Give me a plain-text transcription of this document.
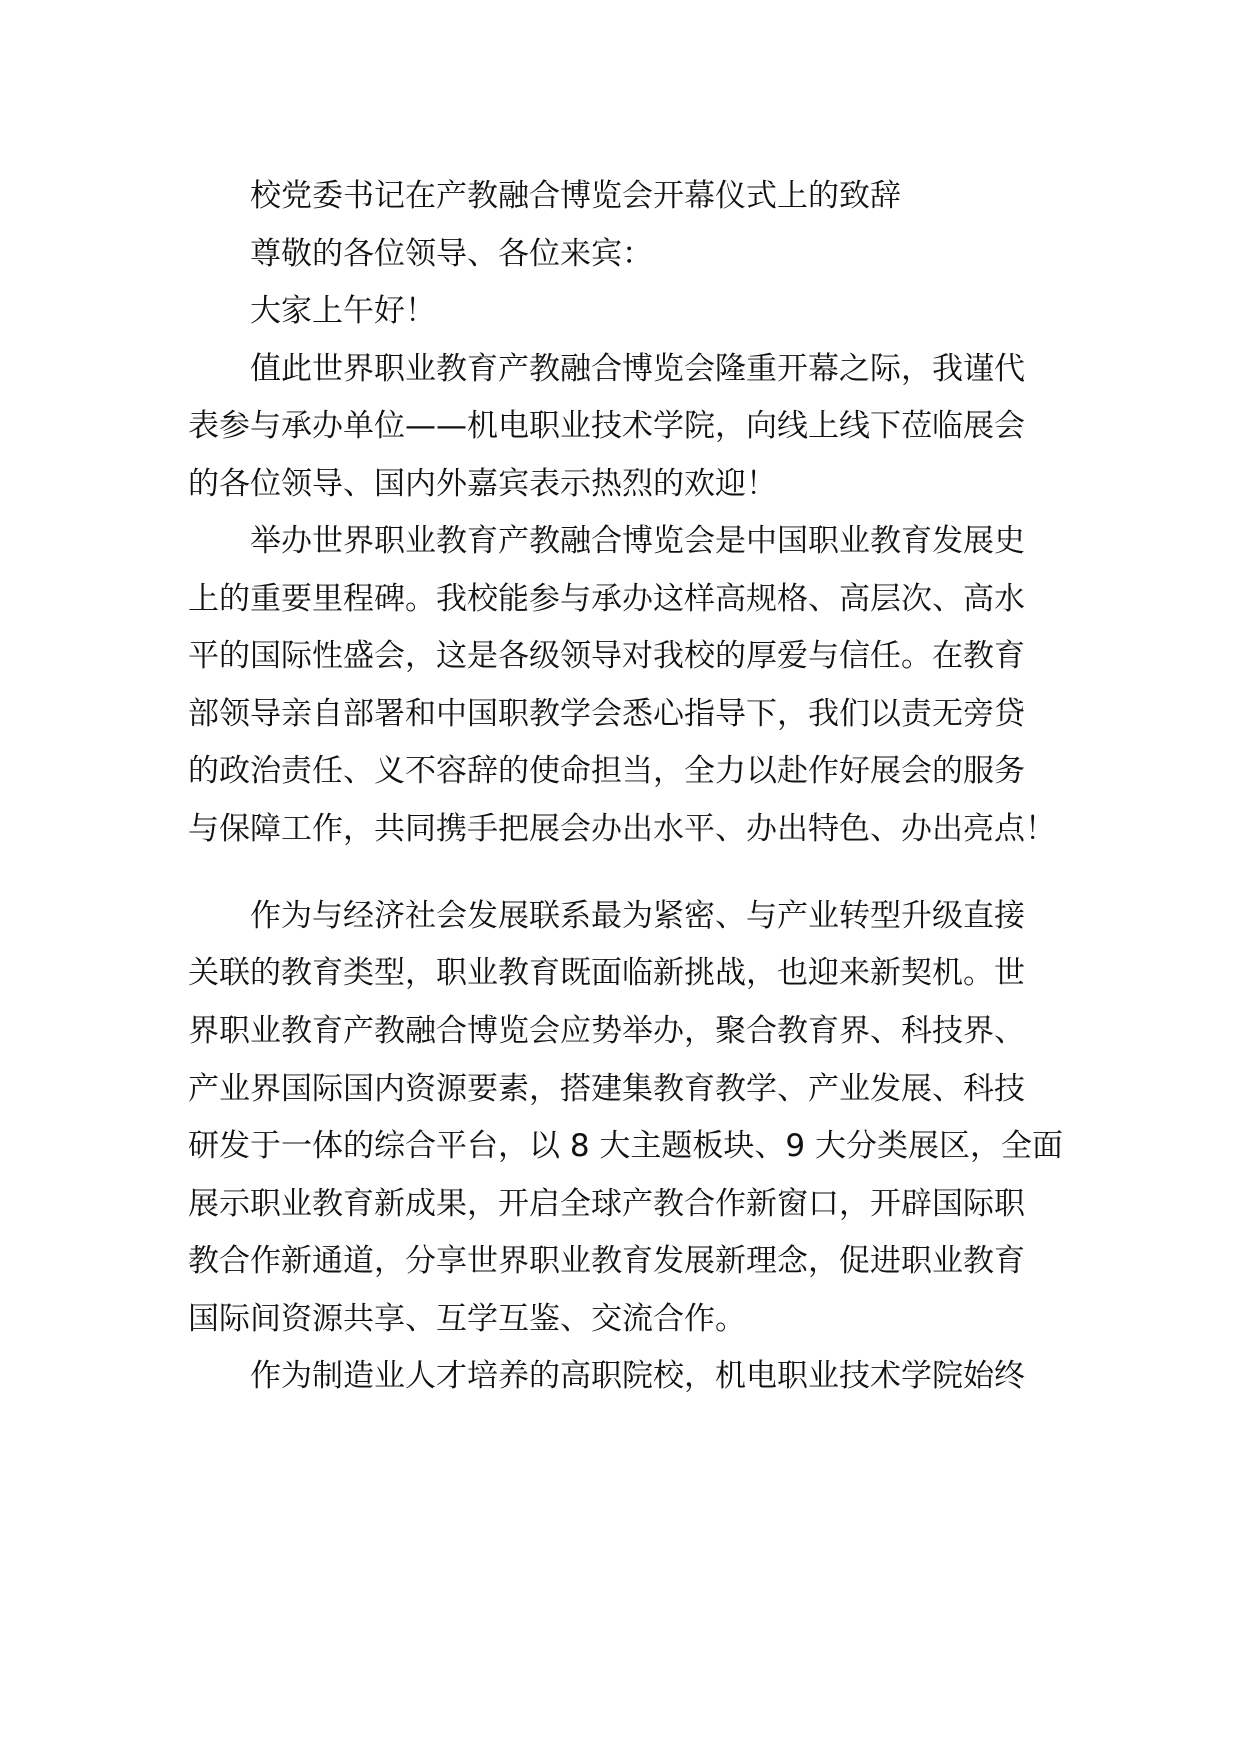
校党委书记在产教融合博览会开幕仪式上的致辞
尊敬的各位领导、各位来宾：
大家上午好！
值此世界职业教育产教融合博览会隆重开幕之际，我谨代
表参与承办单位——机电职业技术学院，向线上线下莅临展会
的各位领导、国内外嘉宾表示热烈的欢迎！
举办世界职业教育产教融合博览会是中国职业教育发展史
上的重要里程碑。我校能参与承办这样高规格、高层次、高水
平的国际性盛会，这是各级领导对我校的厚爱与信任。在教育
部领导亲自部署和中国职教学会悉心指导下，我们以责无旁贷
的政治责任、义不容辞的使命担当，全力以赴作好展会的服务
与保障工作，共同携手把展会办出水平、办出特色、办出亮点！
作为与经济社会发展联系最为紧密、与产业转型升级直接
关联的教育类型，职业教育既面临新挑战，也迎来新契机。世
界职业教育产教融合博览会应势举办，聚合教育界、科技界、
产业界国际国内资源要素，搭建集教育教学、产业发展、科技
研发于一体的综合平台，以 8 大主题板块、9 大分类展区，全面
展示职业教育新成果，开启全球产教合作新窗口，开辟国际职
教合作新通道，分享世界职业教育发展新理念，促进职业教育
国际间资源共享、互学互鉴、交流合作。
作为制造业人才培养的高职院校，机电职业技术学院始终
